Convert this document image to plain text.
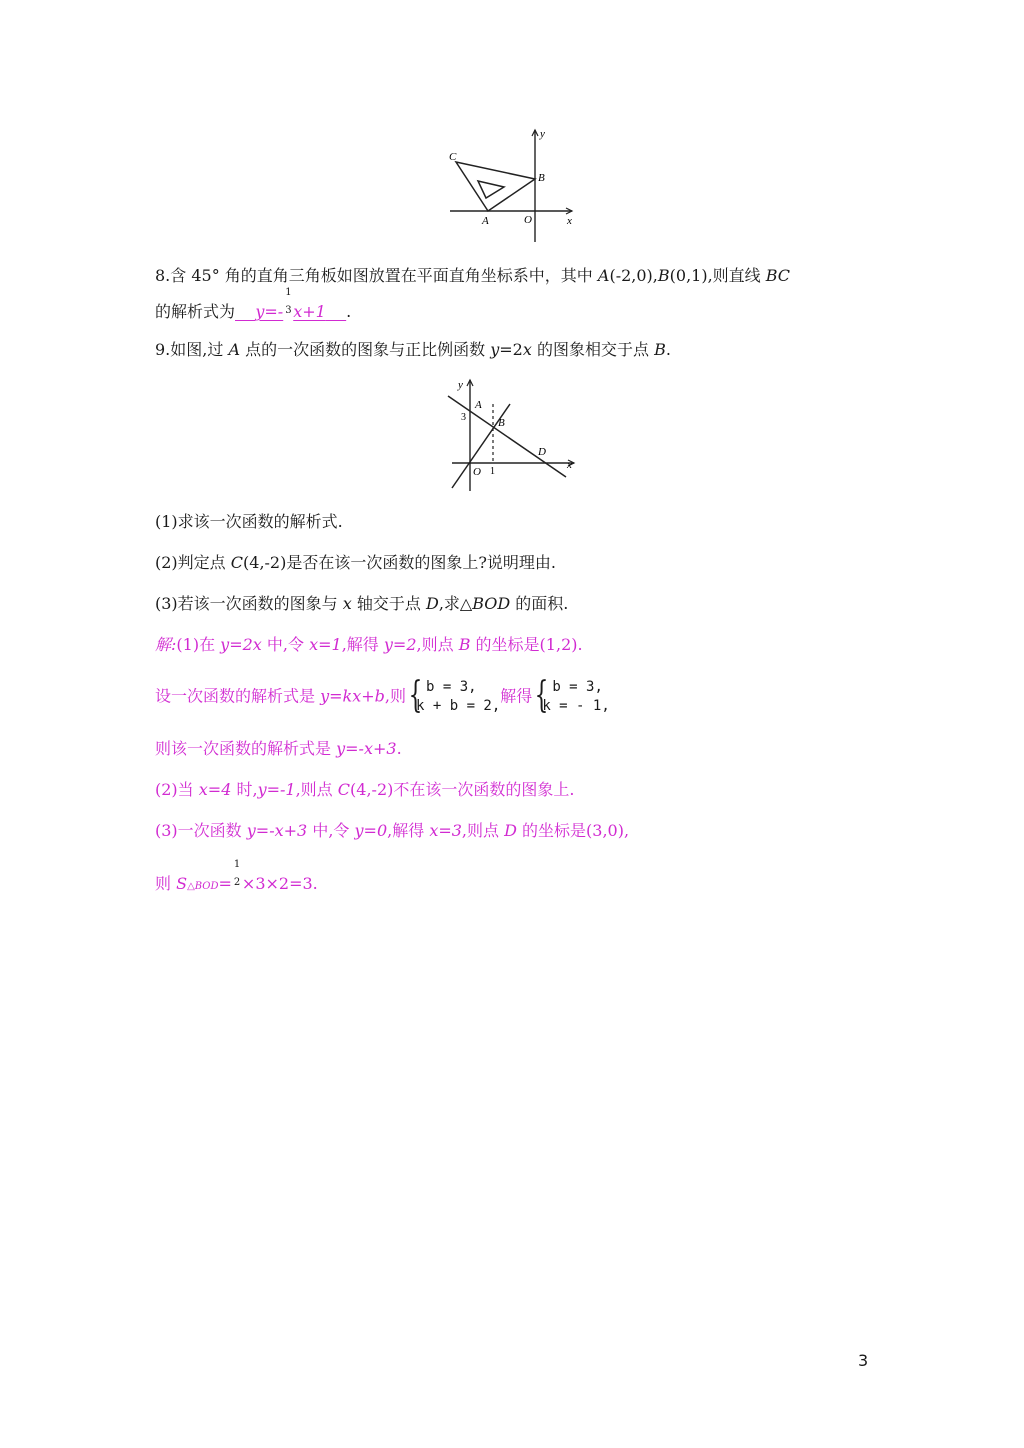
C
B
A	O	x
y
8.含 45° 角的直角三角板如图放置在平面直角坐标系中，其中 A(-2,0),B(0,1),则直线 BC
的解析式为 y=-
1
3 x+1 .
9.如图,过 A 点的一次函数的图象与正比例函数 y=2x 的图象相交于点 B.
y
A
3	B
O 1
D
x
(1)求该一次函数的解析式.
(2)判定点 C(4,-2)是否在该一次函数的图象上?说明理由.
(3)若该一次函数的图象与 x 轴交于点 D,求△BOD 的面积.
解:(1)在 y=2x 中,令 x=1,解得 y=2,则点 B 的坐标是(1,2).
设一次函数的解析式是 y=kx+b,则	{ b = 3,
k + b = 2, 解得	{ b = 3,
k = - 1,
则该一次函数的解析式是 y=-x+3.
(2)当 x=4 时,y=-1,则点 C(4,-2)不在该一次函数的图象上.
(3)一次函数 y=-x+3 中,令 y=0,解得 x=3,则点 D 的坐标是(3,0),
则 S△BOD=
1
2 ×3×2=3.
3
